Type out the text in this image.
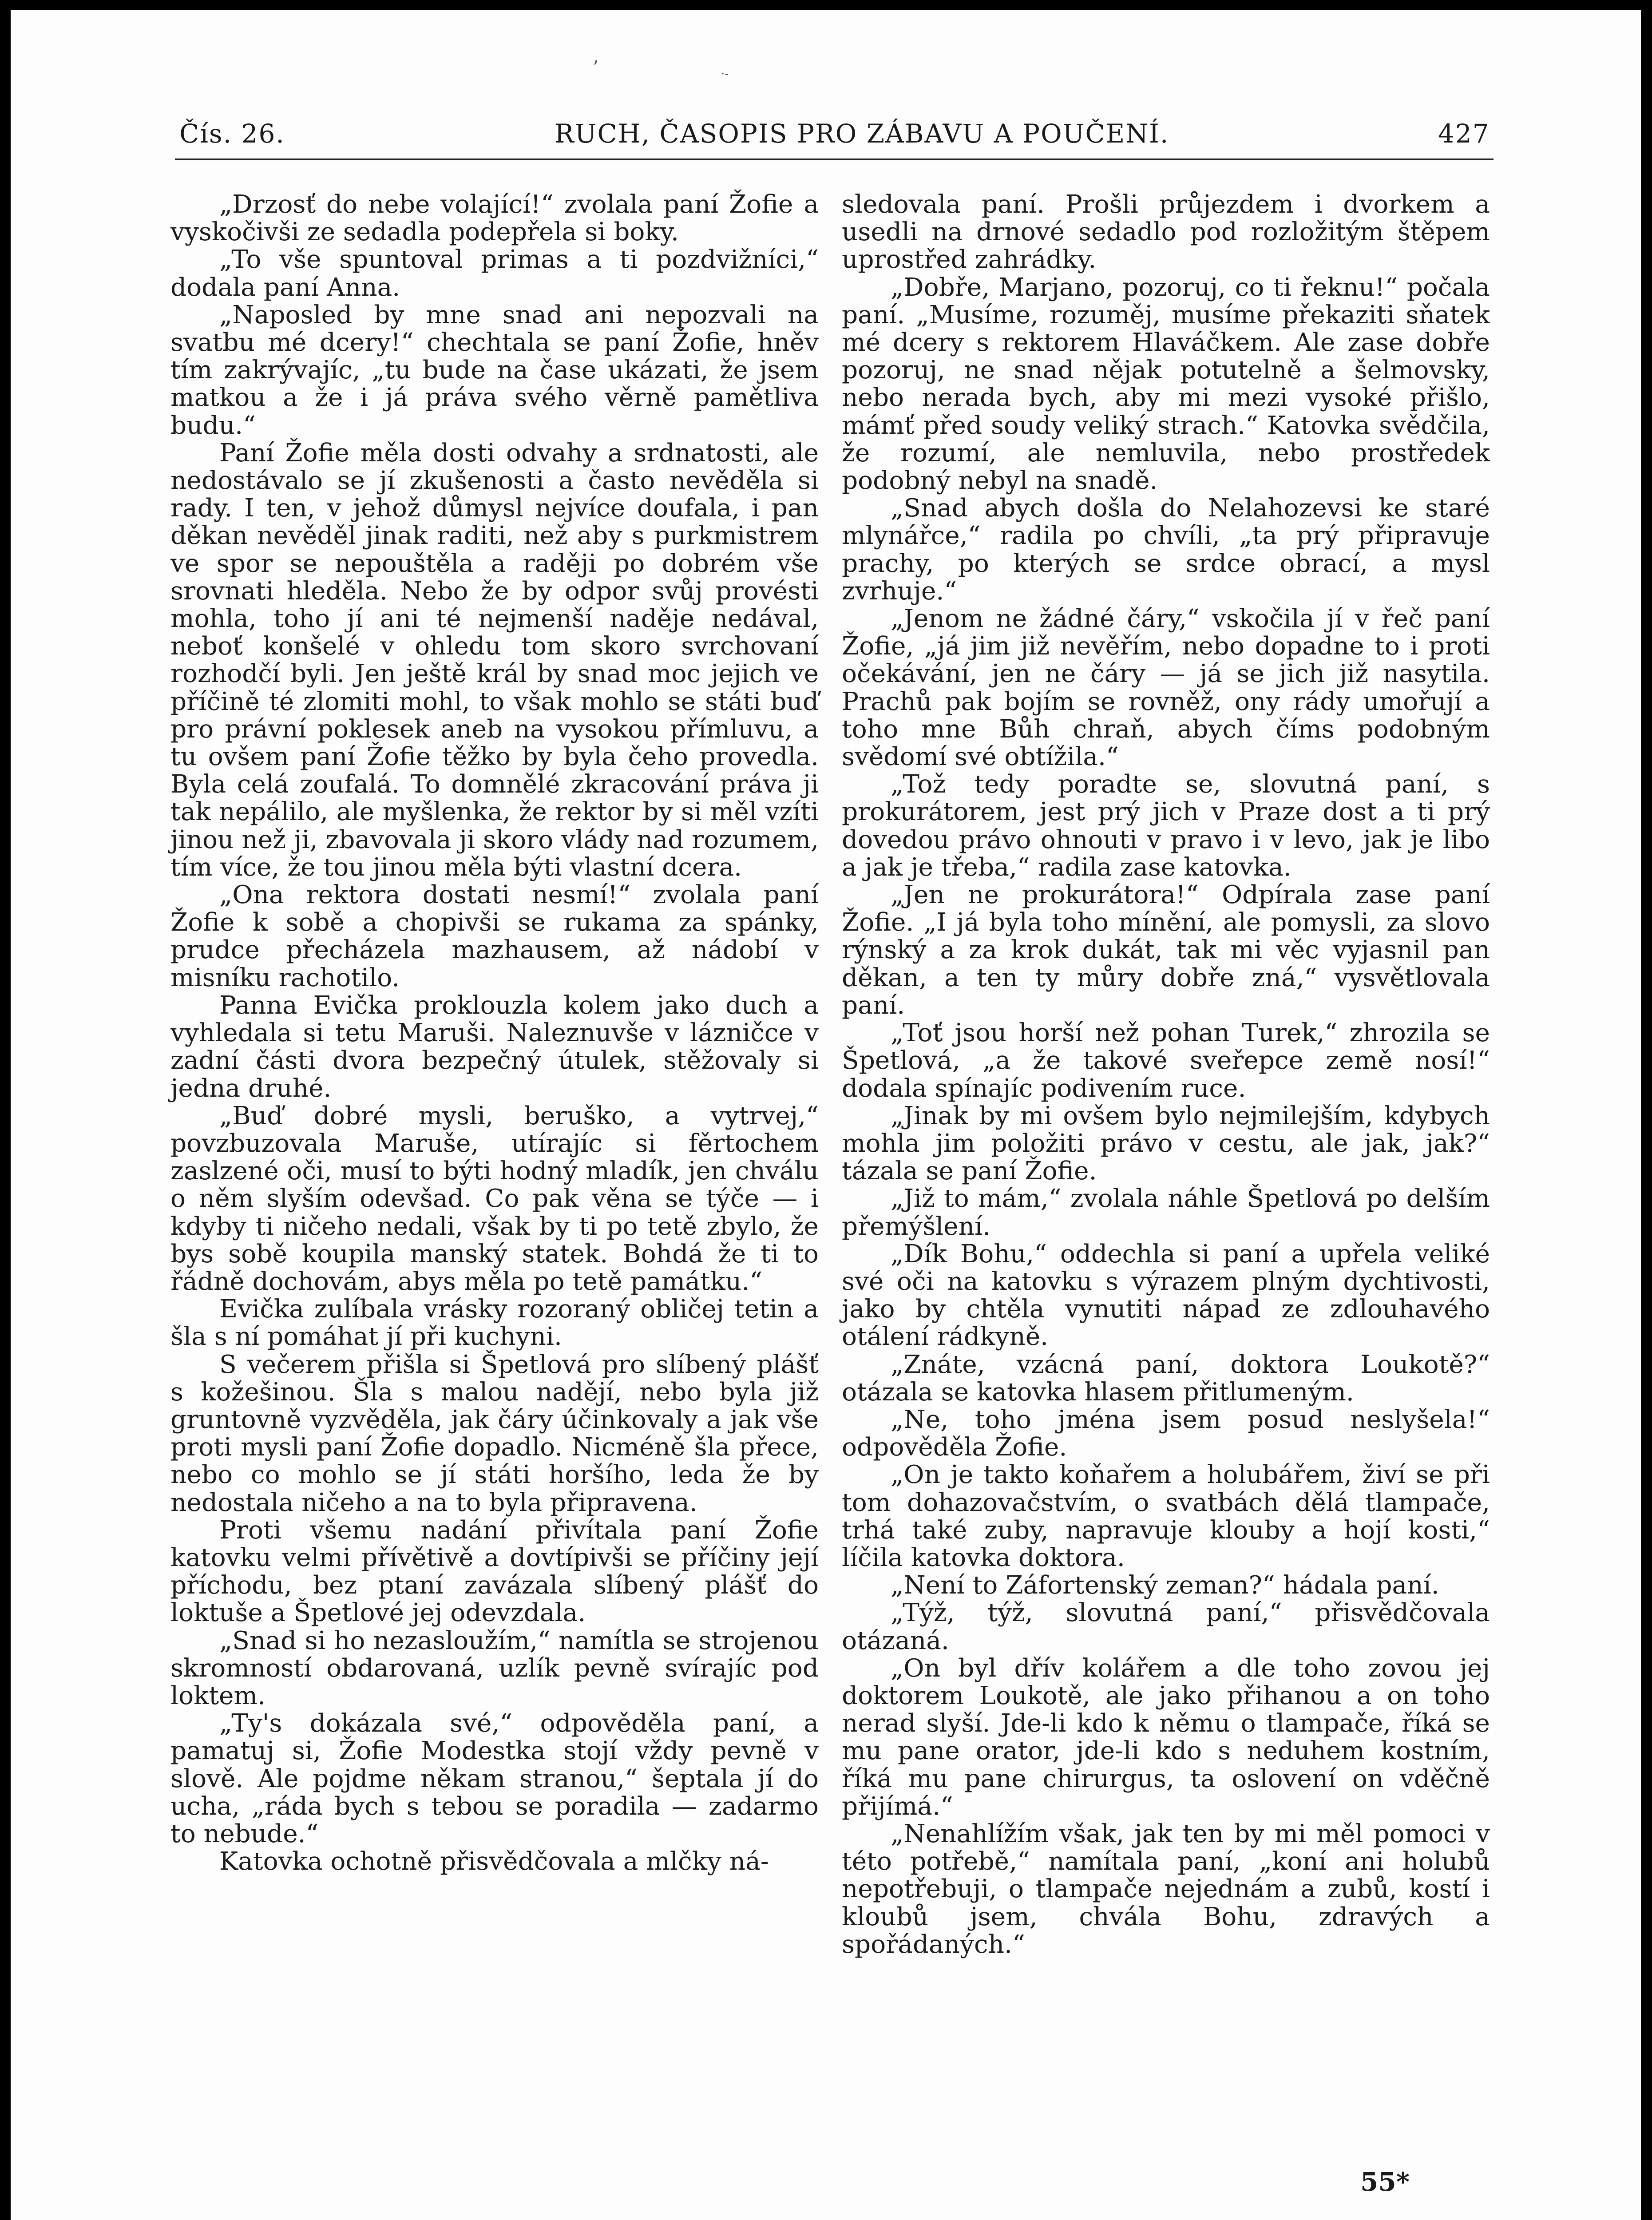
ʼ	·-
Čís. 26.	RUCH, ČASOPIS PRO ZÁBAVU A POUČENÍ.	427

„Drzosť do nebe volající!“ zvolala paní Žofie a vyskočivši ze sedadla podepřela si boky.

„To vše spuntoval primas a ti pozdvižníci,“ dodala paní Anna.

„Naposled by mne snad ani nepozvali na svatbu mé dcery!“ chechtala se paní Žofie, hněv tím zakrývajíc, „tu bude na čase ukázati, že jsem matkou a že i já práva svého věrně pamětliva budu.“

Paní Žofie měla dosti odvahy a srdnatosti, ale nedostávalo se jí zkušenosti a často nevěděla si rady. I ten, v jehož důmysl nejvíce doufala, i pan děkan nevěděl jinak raditi, než aby s purkmistrem ve spor se nepouštěla a raději po dobrém vše srovnati hleděla. Nebo že by odpor svůj provésti mohla, toho jí ani té nejmenší naděje nedával, neboť konšelé v ohledu tom skoro svrchovaní rozhodčí byli. Jen ještě král by snad moc jejich ve příčině té zlomiti mohl, to však mohlo se státi buď pro právní poklesek aneb na vysokou přímluvu, a tu ovšem paní Žofie těžko by byla čeho provedla. Byla celá zoufalá. To domnělé zkracování práva ji tak nepálilo, ale myšlenka, že rektor by si měl vzíti jinou než ji, zbavovala ji skoro vlády nad rozumem, tím více, že tou jinou měla býti vlastní dcera.

„Ona rektora dostati nesmí!“ zvolala paní Žofie k sobě a chopivši se rukama za spánky, prudce přecházela mazhausem, až nádobí v misníku rachotilo.

Panna Evička proklouzla kolem jako duch a vyhledala si tetu Maruši. Naleznuvše v lázničce v zadní části dvora bezpečný útulek, stěžovaly si jedna druhé.

„Buď dobré mysli, beruško, a vytrvej,“ povzbuzovala Maruše, utírajíc si fěrtochem zaslzené oči, musí to býti hodný mladík, jen chválu o něm slyším odevšad. Co pak věna se týče — i kdyby ti ničeho nedali, však by ti po tetě zbylo, že bys sobě koupila manský statek. Bohdá že ti to řádně dochovám, abys měla po tetě památku.“

Evička zulíbala vrásky rozoraný obličej tetin a šla s ní pomáhat jí při kuchyni.

S večerem přišla si Špetlová pro slíbený plášť s kožešinou. Šla s malou nadějí, nebo byla již gruntovně vyzvěděla, jak čáry účinkovaly a jak vše proti mysli paní Žofie dopadlo. Nicméně šla přece, nebo co mohlo se jí státi horšího, leda že by nedostala ničeho a na to byla připravena.

Proti všemu nadání přivítala paní Žofie katovku velmi přívětivě a dovtípivši se příčiny její příchodu, bez ptaní zavázala slíbený plášť do loktuše a Špetlové jej odevzdala.

„Snad si ho nezasloužím,“ namítla se strojenou skromností obdarovaná, uzlík pevně svírajíc pod loktem.

„Ty's dokázala své,“ odpověděla paní, a pamatuj si, Žofie Modestka stojí vždy pevně v slově. Ale pojdme někam stranou,“ šeptala jí do ucha, „ráda bych s tebou se poradila — zadarmo to nebude.“

Katovka ochotně přisvědčovala a mlčky ná-

sledovala paní. Prošli průjezdem i dvorkem a usedli na drnové sedadlo pod rozložitým štěpem uprostřed zahrádky.

„Dobře, Marjano, pozoruj, co ti řeknu!“ počala paní. „Musíme, rozuměj, musíme překaziti sňatek mé dcery s rektorem Hlaváčkem. Ale zase dobře pozoruj, ne snad nějak potutelně a šelmovsky, nebo nerada bych, aby mi mezi vysoké přišlo, mámť před soudy veliký strach.“ Katovka svědčila, že rozumí, ale nemluvila, nebo prostředek podobný nebyl na snadě.

„Snad abych došla do Nelahozevsi ke staré mlynářce,“ radila po chvíli, „ta prý připravuje prachy, po kterých se srdce obrací, a mysl zvrhuje.“

„Jenom ne žádné čáry,“ vskočila jí v řeč paní Žofie, „já jim již nevěřím, nebo dopadne to i proti očekávání, jen ne čáry — já se jich již nasytila. Prachů pak bojím se rovněž, ony rády umořují a toho mne Bůh chraň, abych číms podobným svědomí své obtížila.“

„Tož tedy poradte se, slovutná paní, s prokurátorem, jest prý jich v Praze dost a ti prý dovedou právo ohnouti v pravo i v levo, jak je libo a jak je třeba,“ radila zase katovka.

„Jen ne prokurátora!“ Odpírala zase paní Žofie. „I já byla toho mínění, ale pomysli, za slovo rýnský a za krok dukát, tak mi věc vyjasnil pan děkan, a ten ty můry dobře zná,“ vysvětlovala paní.

„Toť jsou horší než pohan Turek,“ zhrozila se Špetlová, „a že takové sveřepce země nosí!“ dodala spínajíc podivením ruce.

„Jinak by mi ovšem bylo nejmilejším, kdybych mohla jim položiti právo v cestu, ale jak, jak?“ tázala se paní Žofie.

„Již to mám,“ zvolala náhle Špetlová po delším přemýšlení.

„Dík Bohu,“ oddechla si paní a upřela veliké své oči na katovku s výrazem plným dychtivosti, jako by chtěla vynutiti nápad ze zdlouhavého otálení rádkyně.

„Znáte, vzácná paní, doktora Loukotě?“ otázala se katovka hlasem přitlumeným.

„Ne, toho jména jsem posud neslyšela!“ odpověděla Žofie.

„On je takto koňařem a holubářem, živí se při tom dohazovačstvím, o svatbách dělá tlampače, trhá také zuby, napravuje klouby a hojí kosti,“ líčila katovka doktora.

„Není to Záfortenský zeman?“ hádala paní.

„Týž, týž, slovutná paní,“ přisvědčovala otázaná.

„On byl dřív kolářem a dle toho zovou jej doktorem Loukotě, ale jako přihanou a on toho nerad slyší. Jde-li kdo k němu o tlampače, říká se mu pane orator, jde-li kdo s neduhem kostním, říká mu pane chirurgus, ta oslovení on vděčně přijímá.“

„Nenahlížím však, jak ten by mi měl pomoci v této potřebě,“ namítala paní, „koní ani holubů nepotřebuji, o tlampače nejednám a zubů, kostí i kloubů jsem, chvála Bohu, zdravých a spořádaných.“

55*
